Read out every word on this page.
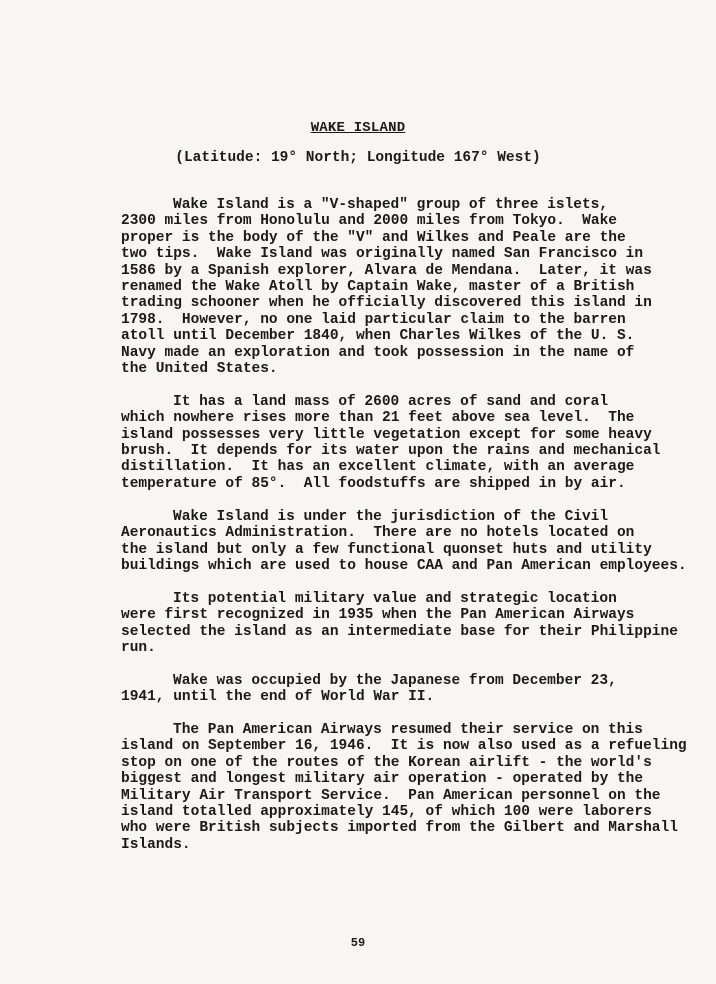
WAKE ISLAND
(Latitude: 19° North; Longitude 167° West)
Wake Island is a "V-shaped" group of three islets,
2300 miles from Honolulu and 2000 miles from Tokyo.  Wake
proper is the body of the "V" and Wilkes and Peale are the
two tips.  Wake Island was originally named San Francisco in
1586 by a Spanish explorer, Alvara de Mendana.  Later, it was
renamed the Wake Atoll by Captain Wake, master of a British
trading schooner when he officially discovered this island in
1798.  However, no one laid particular claim to the barren
atoll until December 1840, when Charles Wilkes of the U. S.
Navy made an exploration and took possession in the name of
the United States.
It has a land mass of 2600 acres of sand and coral
which nowhere rises more than 21 feet above sea level.  The
island possesses very little vegetation except for some heavy
brush.  It depends for its water upon the rains and mechanical
distillation.  It has an excellent climate, with an average
temperature of 85°.  All foodstuffs are shipped in by air.
Wake Island is under the jurisdiction of the Civil
Aeronautics Administration.  There are no hotels located on
the island but only a few functional quonset huts and utility
buildings which are used to house CAA and Pan American employees.
Its potential military value and strategic location
were first recognized in 1935 when the Pan American Airways
selected the island as an intermediate base for their Philippine
run.
Wake was occupied by the Japanese from December 23,
1941, until the end of World War II.
The Pan American Airways resumed their service on this
island on September 16, 1946.  It is now also used as a refueling
stop on one of the routes of the Korean airlift - the world's
biggest and longest military air operation - operated by the
Military Air Transport Service.  Pan American personnel on the
island totalled approximately 145, of which 100 were laborers
who were British subjects imported from the Gilbert and Marshall
Islands.
59
